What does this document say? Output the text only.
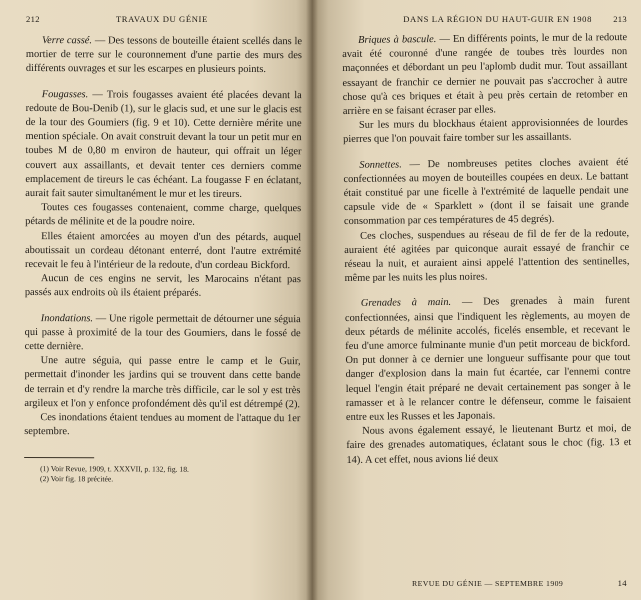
212	TRAVAUX DU GÉNIE

Verre cassé. — Des tessons de bouteille étaient scellés dans le mortier de terre sur le couronnement d'une partie des murs des différents ouvrages et sur les escarpes en plusieurs points.

Fougasses. — Trois fougasses avaient été placées devant la redoute de Bou-Denib (1), sur le glacis sud, et une sur le glacis est de la tour des Goumiers (fig. 9 et 10). Cette dernière mérite une mention spéciale. On avait construit devant la tour un petit mur en toubes M de 0,80 m environ de hauteur, qui offrait un léger couvert aux assaillants, et devait tenter ces derniers comme emplacement de tireurs le cas échéant. La fougasse F en éclatant, aurait fait sauter simultanément le mur et les tireurs.

Toutes ces fougasses contenaient, comme charge, quelques pétards de mélinite et de la poudre noire.

Elles étaient amorcées au moyen d'un des pétards, auquel aboutissait un cordeau détonant enterré, dont l'autre extrémité recevait le feu à l'intérieur de la redoute, d'un cordeau Bickford.

Aucun de ces engins ne servit, les Marocains n'étant pas passés aux endroits où ils étaient préparés.

Inondations. — Une rigole permettait de détourner une séguia qui passe à proximité de la tour des Goumiers, dans le fossé de cette dernière.

Une autre séguia, qui passe entre le camp et le Guir, permettait d'inonder les jardins qui se trouvent dans cette bande de terrain et d'y rendre la marche très difficile, car le sol y est très argileux et l'on y enfonce profondément dès qu'il est détrempé (2).

Ces inondations étaient tendues au moment de l'attaque du 1er septembre.

(1) Voir Revue, 1909, t. XXXVII, p. 132, fig. 18.

(2) Voir fig. 18 précitée.

DANS LA RÉGION DU HAUT-GUIR EN 1908 213

Briques à bascule. — En différents points, le mur de la redoute avait été couronné d'une rangée de toubes très lourdes non maçonnées et débordant un peu l'aplomb dudit mur. Tout assaillant essayant de franchir ce dernier ne pouvait pas s'accrocher à autre chose qu'à ces briques et était à peu près certain de retomber en arrière en se faisant écraser par elles.

Sur les murs du blockhaus étaient approvisionnées de lourdes pierres que l'on pouvait faire tomber sur les assaillants.

Sonnettes. — De nombreuses petites cloches avaient été confectionnées au moyen de bouteilles coupées en deux. Le battant était constitué par une ficelle à l'extrémité de laquelle pendait une capsule vide de « Sparklett » (dont il se faisait une grande consommation par ces températures de 45 degrés).

Ces cloches, suspendues au réseau de fil de fer de la redoute, auraient été agitées par quiconque aurait essayé de franchir ce réseau la nuit, et auraient ainsi appelé l'attention des sentinelles, même par les nuits les plus noires.

Grenades à main. — Des grenades à main furent confectionnées, ainsi que l'indiquent les règlements, au moyen de deux pétards de mélinite accolés, ficelés ensemble, et recevant le feu d'une amorce fulminante munie d'un petit morceau de bickford. On put donner à ce dernier une longueur suffisante pour que tout danger d'explosion dans la main fut écartée, car l'ennemi contre lequel l'engin était préparé ne devait certainement pas songer à le ramasser et à le relancer contre le défenseur, comme le faisaient entre eux les Russes et les Japonais.

Nous avons également essayé, le lieutenant Burtz et moi, de faire des grenades automatiques, éclatant sous le choc (fig. 13 et 14). A cet effet, nous avions lié deux

REVUE DU GÉNIE — SEPTEMBRE 1909	14
